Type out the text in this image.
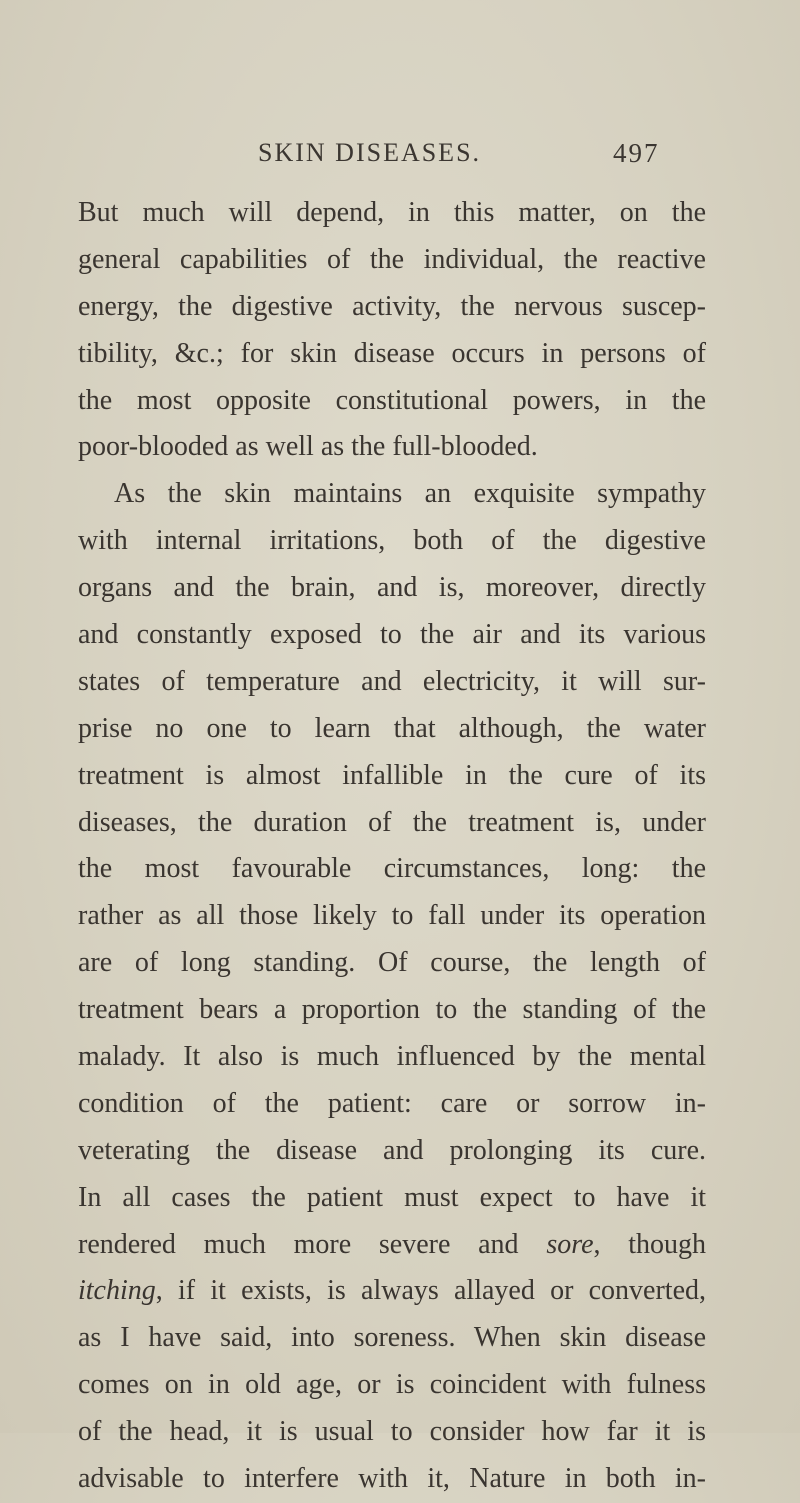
SKIN DISEASES.	497
But much will depend, in this matter, on the
general capabilities of the individual, the reactive
energy, the digestive activity, the nervous suscep-
tibility, &c.; for skin disease occurs in persons of
the most opposite constitutional powers, in the
poor-blooded as well as the full-blooded.
As the skin maintains an exquisite sympathy
with internal irritations, both of the digestive
organs and the brain, and is, moreover, directly
and constantly exposed to the air and its various
states of temperature and electricity, it will sur-
prise no one to learn that although, the water
treatment is almost infallible in the cure of its
diseases, the duration of the treatment is, under
the most favourable circumstances, long: the
rather as all those likely to fall under its operation
are of long standing. Of course, the length of
treatment bears a proportion to the standing of the
malady. It also is much influenced by the mental
condition of the patient: care or sorrow in-
veterating the disease and prolonging its cure.
In all cases the patient must expect to have it
rendered much more severe and sore, though
itching, if it exists, is always allayed or converted,
as I have said, into soreness. When skin disease
comes on in old age, or is coincident with fulness
of the head, it is usual to consider how far it is
advisable to interfere with it, Nature in both in-
